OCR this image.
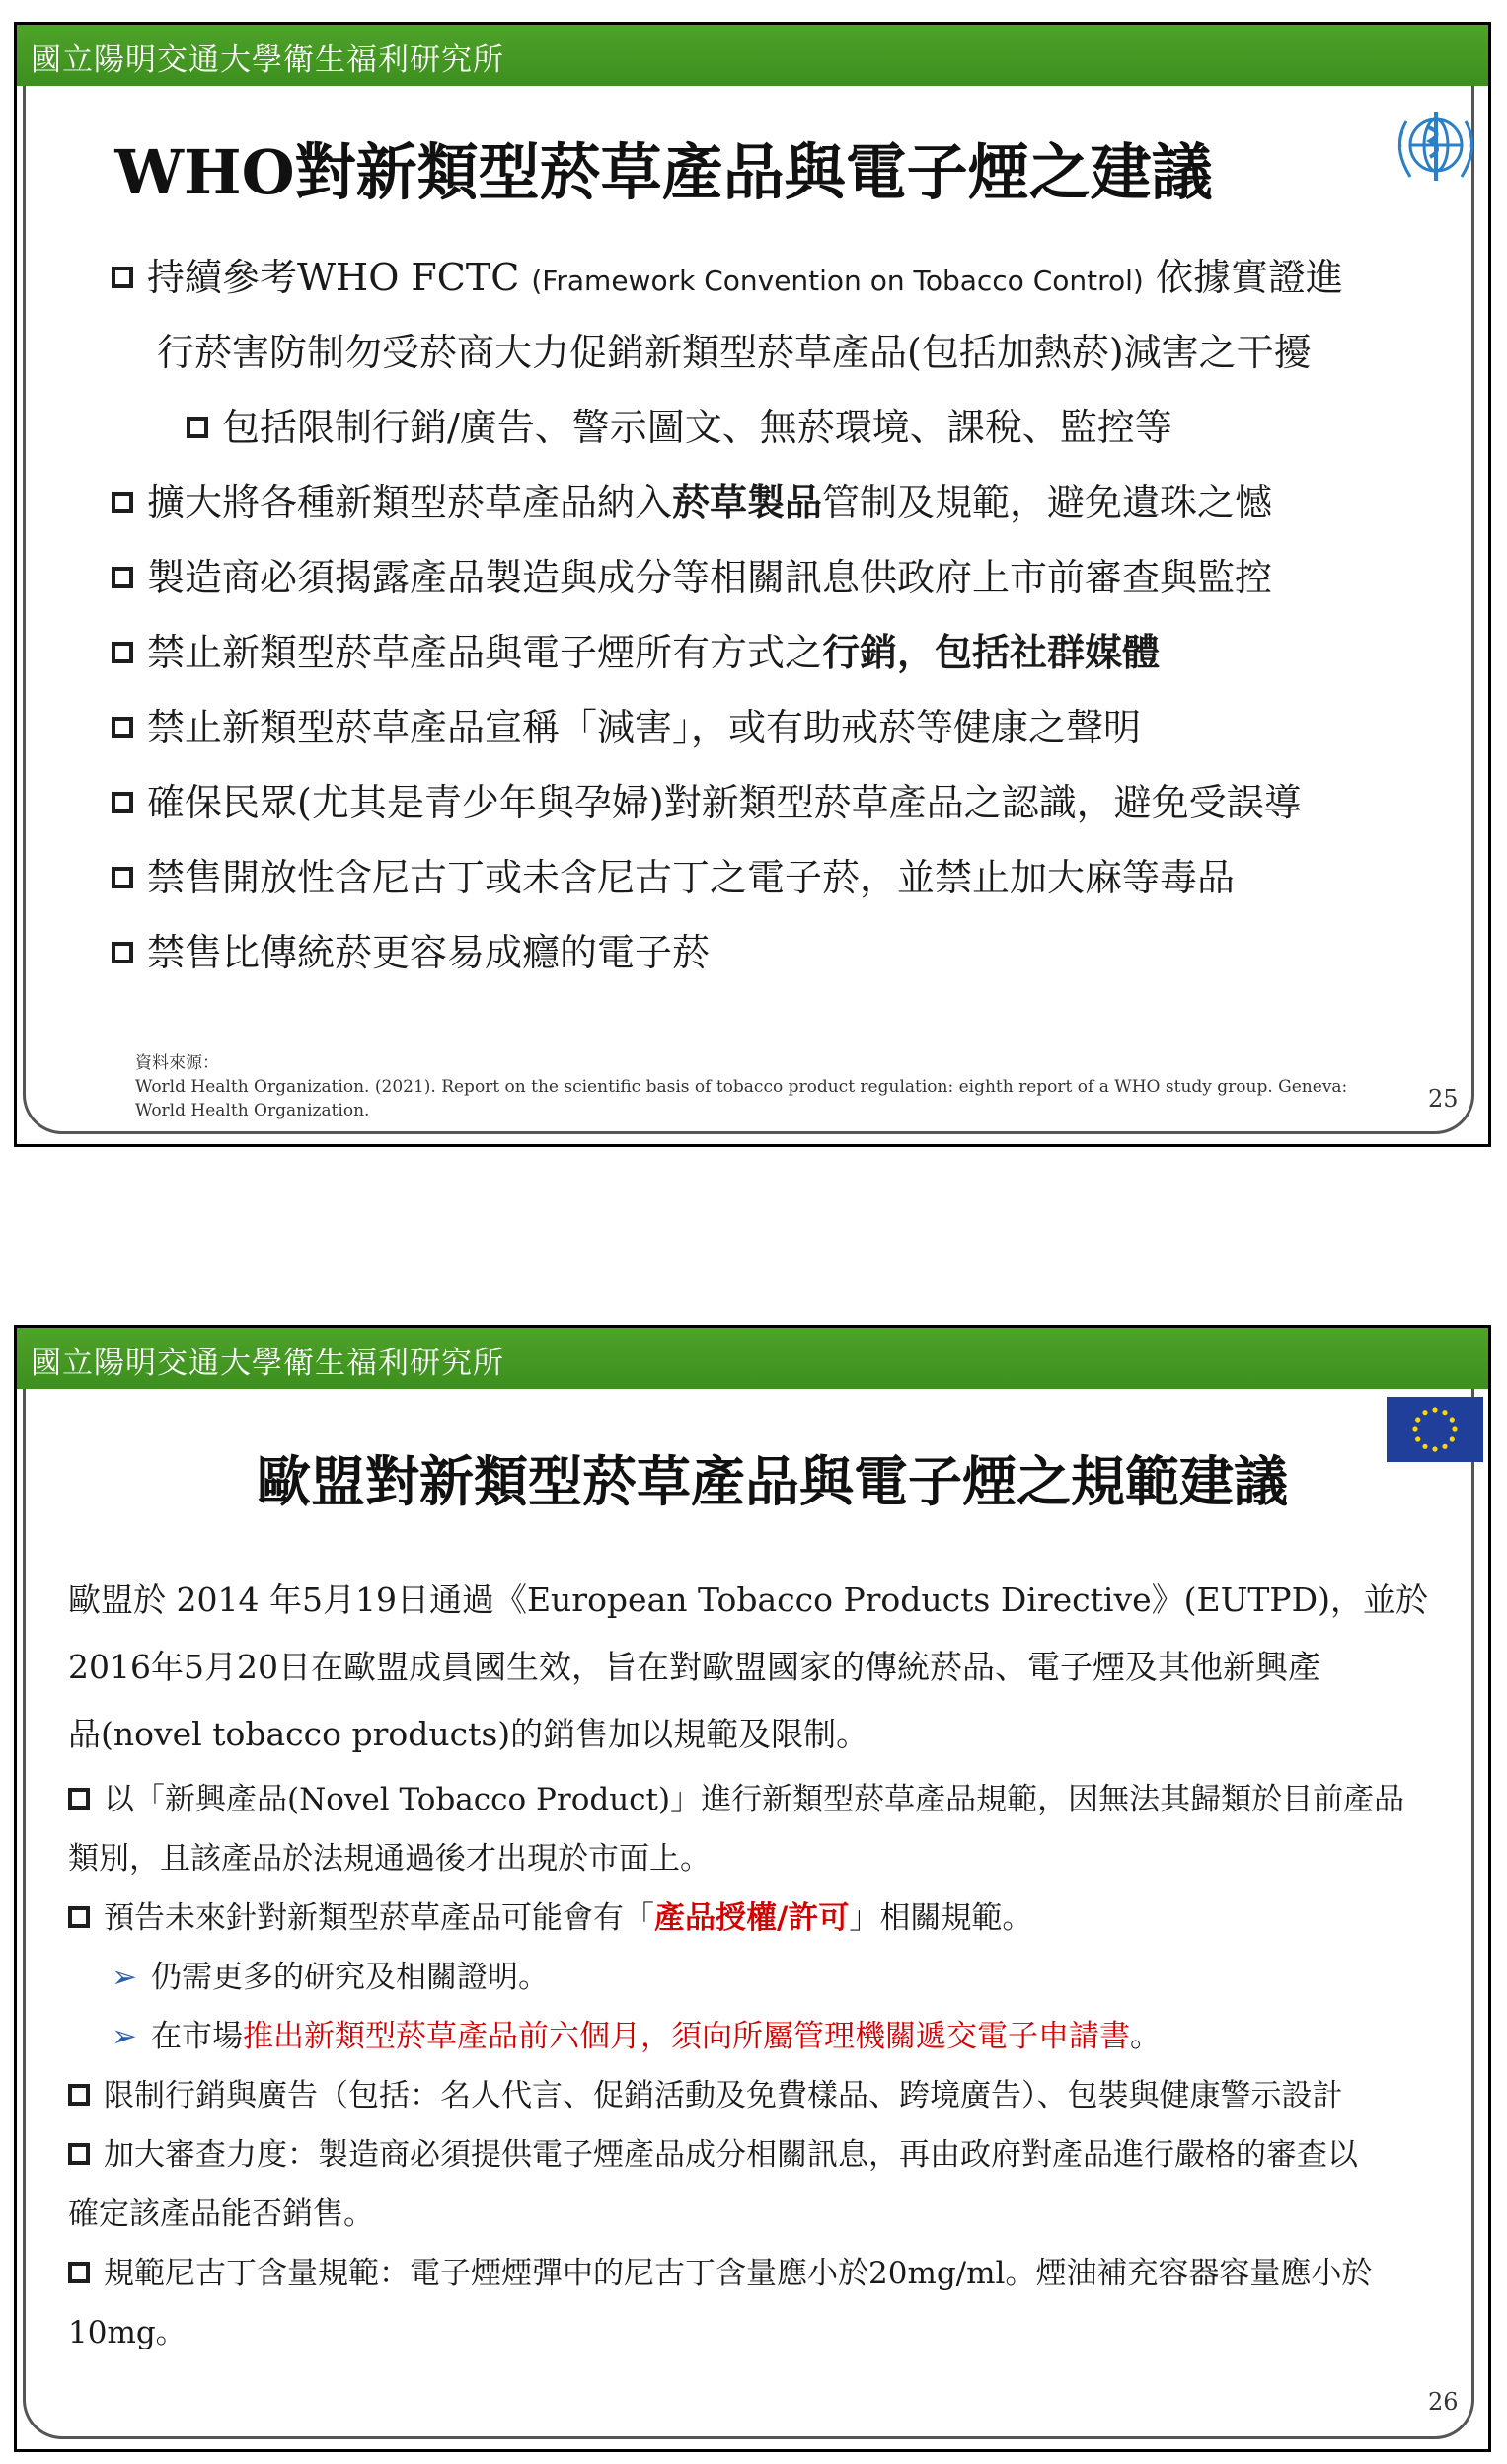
國立陽明交通大學衛生福利研究所
WHO對新類型菸草產品與電子煙之建議
持續參考WHO FCTC (Framework Convention on Tobacco Control) 依據實證進
行菸害防制勿受菸商大力促銷新類型菸草產品(包括加熱菸)減害之干擾
包括限制行銷/廣告、警示圖文、無菸環境、課稅、監控等
擴大將各種新類型菸草產品納入菸草製品管制及規範，避免遺珠之憾
製造商必須揭露產品製造與成分等相關訊息供政府上市前審查與監控
禁止新類型菸草產品與電子煙所有方式之行銷，包括社群媒體
禁止新類型菸草產品宣稱「減害」，或有助戒菸等健康之聲明
確保民眾(尤其是青少年與孕婦)對新類型菸草產品之認識，避免受誤導
禁售開放性含尼古丁或未含尼古丁之電子菸，並禁止加大麻等毒品
禁售比傳統菸更容易成癮的電子菸
資料來源：
World Health Organization. (2021). Report on the scientific basis of tobacco product regulation: eighth report of a WHO study group. Geneva:
World Health Organization.	25
國立陽明交通大學衛生福利研究所
歐盟對新類型菸草產品與電子煙之規範建議
歐盟於 2014 年5月19日通過《European Tobacco Products Directive》(EUTPD)，並於
2016年5月20日在歐盟成員國生效，旨在對歐盟國家的傳統菸品、電子煙及其他新興產
品(novel tobacco products)的銷售加以規範及限制。
以「新興產品(Novel Tobacco Product)」進行新類型菸草產品規範，因無法其歸類於目前產品
類別，且該產品於法規通過後才出現於市面上。
預告未來針對新類型菸草產品可能會有「產品授權/許可」相關規範。
➢ 仍需更多的研究及相關證明。
➢ 在市場推出新類型菸草產品前六個月，須向所屬管理機關遞交電子申請書。
限制行銷與廣告（包括：名人代言、促銷活動及免費樣品、跨境廣告）、包裝與健康警示設計
加大審查力度：製造商必須提供電子煙產品成分相關訊息，再由政府對產品進行嚴格的審查以
確定該產品能否銷售。
規範尼古丁含量規範：電子煙煙彈中的尼古丁含量應小於20mg/ml。煙油補充容器容量應小於
10mg。
26
